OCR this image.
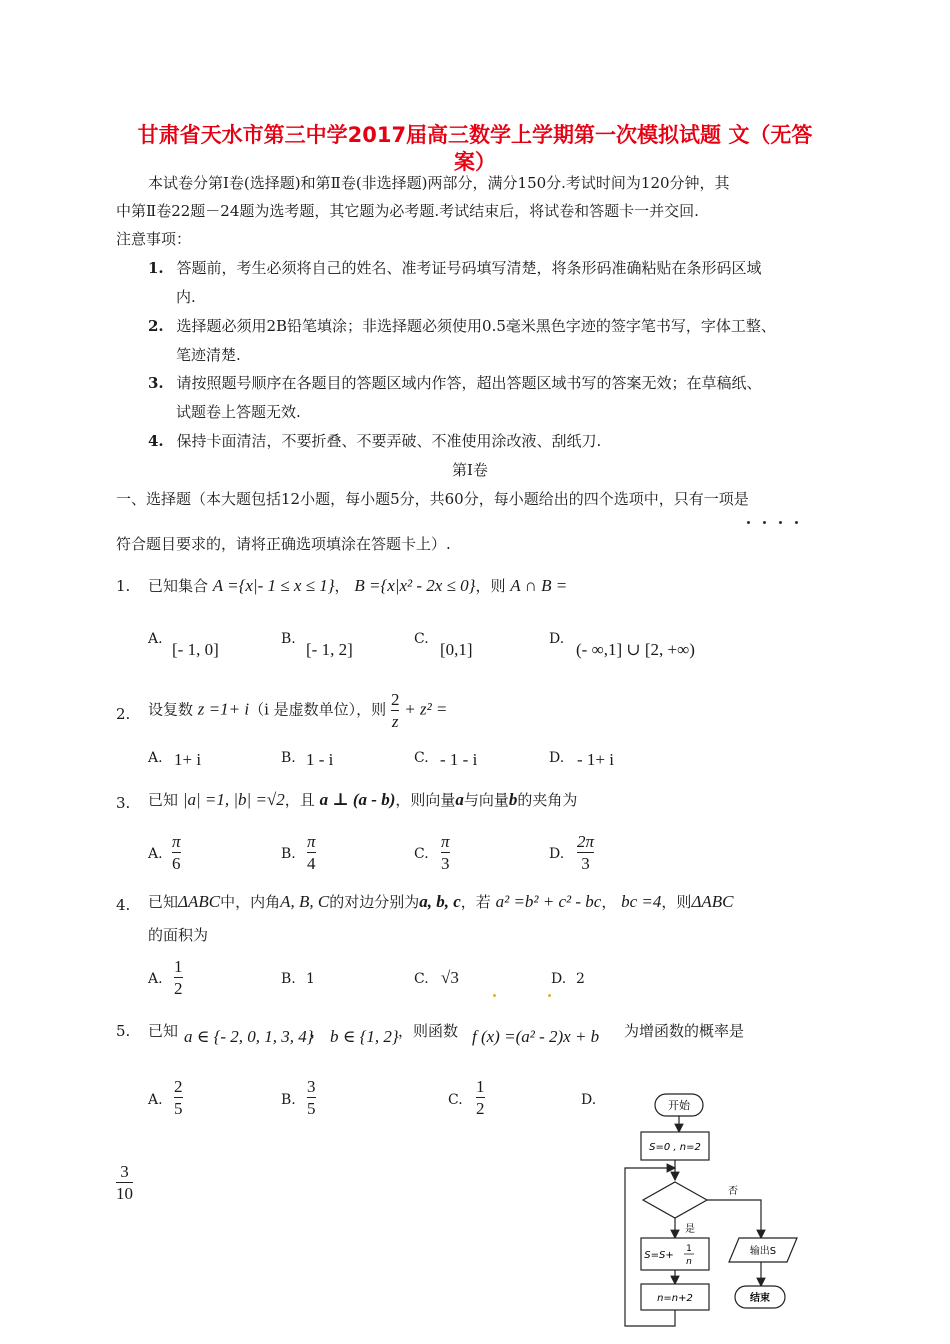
甘肃省天水市第三中学2017届高三数学上学期第一次模拟试题 文（无答
案）
本试卷分第Ⅰ卷(选择题)和第Ⅱ卷(非选择题)两部分，满分150分.考试时间为120分钟，其
中第Ⅱ卷22题－24题为选考题，其它题为必考题.考试结束后，将试卷和答题卡一并交回.
注意事项：
1. 答题前，考生必须将自己的姓名、准考证号码填写清楚，将条形码准确粘贴在条形码区域
内.
2. 选择题必须用2B铅笔填涂；非选择题必须使用0.5毫米黑色字迹的签字笔书写，字体工整、
笔迹清楚.
3. 请按照题号顺序在各题目的答题区域内作答，超出答题区域书写的答案无效；在草稿纸、
试题卷上答题无效.
4. 保持卡面清洁，不要折叠、不要弄破、不准使用涂改液、刮纸刀.
第Ⅰ卷
一、选择题（本大题包括12小题，每小题5分，共60分，每小题给出的四个选项中，只有一项是
符合题目要求的，请将正确选项填涂在答题卡上）.
1. 已知集合 A ={x|- 1 ≤ x ≤ 1}， B ={x|x² - 2x ≤ 0}，则 A ∩ B =
A.
[- 1, 0]
B.
[- 1, 2]
C.
[0,1]
D.
(- ∞,1] ∪ [2, +∞)
2. 设复数 z =1+ i（i 是虚数单位），则 $\frac{2}{z} + z^2$ =
A. 1+ i	B. 1 - i	C. - 1 - i	D. - 1+ i
3. 已知 |a| =1, |b| =√2，且 a ⊥ (a - b)，则向量a与向量b的夹角为
A. $\frac{\pi}{6}$	B. $\frac{\pi}{4}$	C. $\frac{\pi}{3}$	D. $\frac{2\pi}{3}$
4. 已知ΔABC中，内角A, B, C的对边分别为a, b, c，若 a² =b² + c² - bc， bc =4，则ΔABC
的面积为
A. $\frac{1}{2}$	B. 1	C. √3	D. 2
5. 已知 a ∈ {- 2, 0, 1, 3, 4}
， b ∈ {1, 2} ，则函数 f (x) =(a² - 2)x + b 为增函数的概率是
A. $\frac{2}{5}$	B. $\frac{3}{5}$	C. $\frac{1}{2}$	D.
$\frac{3}{10}$
开始
S=0 , n=2
否
是
S=S+
1
n
n=n+2
输出S
结束
